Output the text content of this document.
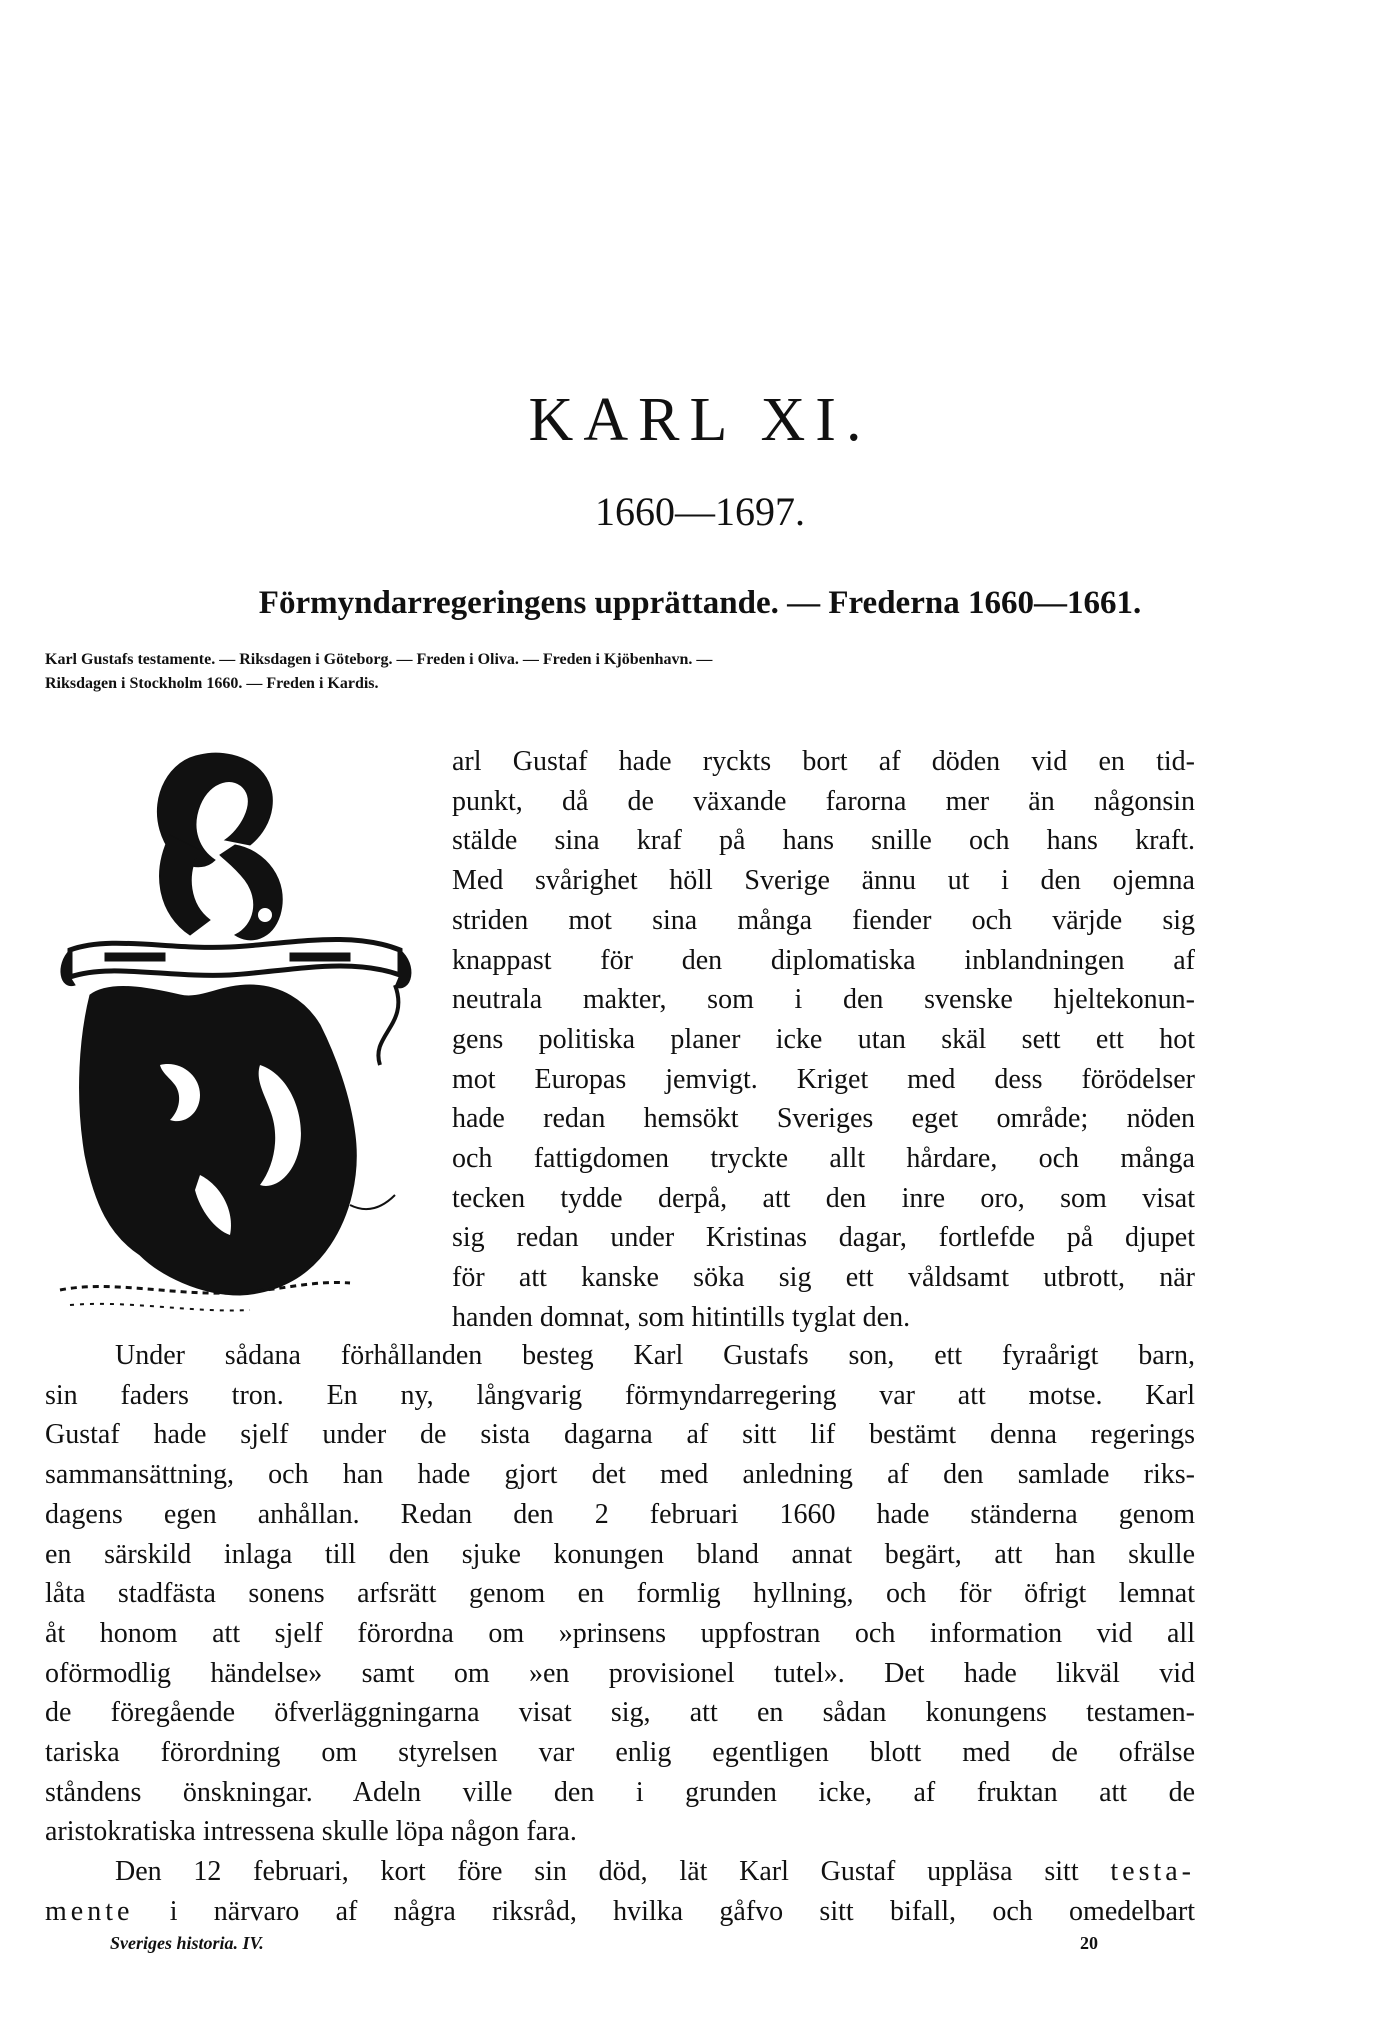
KARL XI.
1660—1697.
Förmyndarregeringens upprättande. — Frederna 1660—1661.
Karl Gustafs testamente. — Riksdagen i Göteborg. — Freden i Oliva. — Freden i Kjöbenhavn. —
Riksdagen i Stockholm 1660. — Freden i Kardis.
arl Gustaf hade ryckts bort af döden vid en tid-
punkt, då de växande farorna mer än någonsin
stälde sina kraf på hans snille och hans kraft.
Med svårighet höll Sverige ännu ut i den ojemna
striden mot sina många fiender och värjde sig
knappast för den diplomatiska inblandningen af
neutrala makter, som i den svenske hjeltekonun-
gens politiska planer icke utan skäl sett ett hot
mot Europas jemvigt. Kriget med dess förödelser
hade redan hemsökt Sveriges eget område; nöden
och fattigdomen tryckte allt hårdare, och många
tecken tydde derpå, att den inre oro, som visat
sig redan under Kristinas dagar, fortlefde på djupet
för att kanske söka sig ett våldsamt utbrott, när
handen domnat, som hitintills tyglat den.
Under sådana förhållanden besteg Karl Gustafs son, ett fyraårigt barn,
sin faders tron. En ny, långvarig förmyndarregering var att motse. Karl
Gustaf hade sjelf under de sista dagarna af sitt lif bestämt denna regerings
sammansättning, och han hade gjort det med anledning af den samlade riks-
dagens egen anhållan. Redan den 2 februari 1660 hade ständerna genom
en särskild inlaga till den sjuke konungen bland annat begärt, att han skulle
låta stadfästa sonens arfsrätt genom en formlig hyllning, och för öfrigt lemnat
åt honom att sjelf förordna om »prinsens uppfostran och information vid all
oförmodlig händelse» samt om »en provisionel tutel». Det hade likväl vid
de föregående öfverläggningarna visat sig, att en sådan konungens testamen-
tariska förordning om styrelsen var enlig egentligen blott med de ofrälse
ståndens önskningar. Adeln ville den i grunden icke, af fruktan att de
aristokratiska intressena skulle löpa någon fara.
Den 12 februari, kort före sin död, lät Karl Gustaf uppläsa sitt testa-
mente i närvaro af några riksråd, hvilka gåfvo sitt bifall, och omedelbart
Sveriges historia. IV.	20
